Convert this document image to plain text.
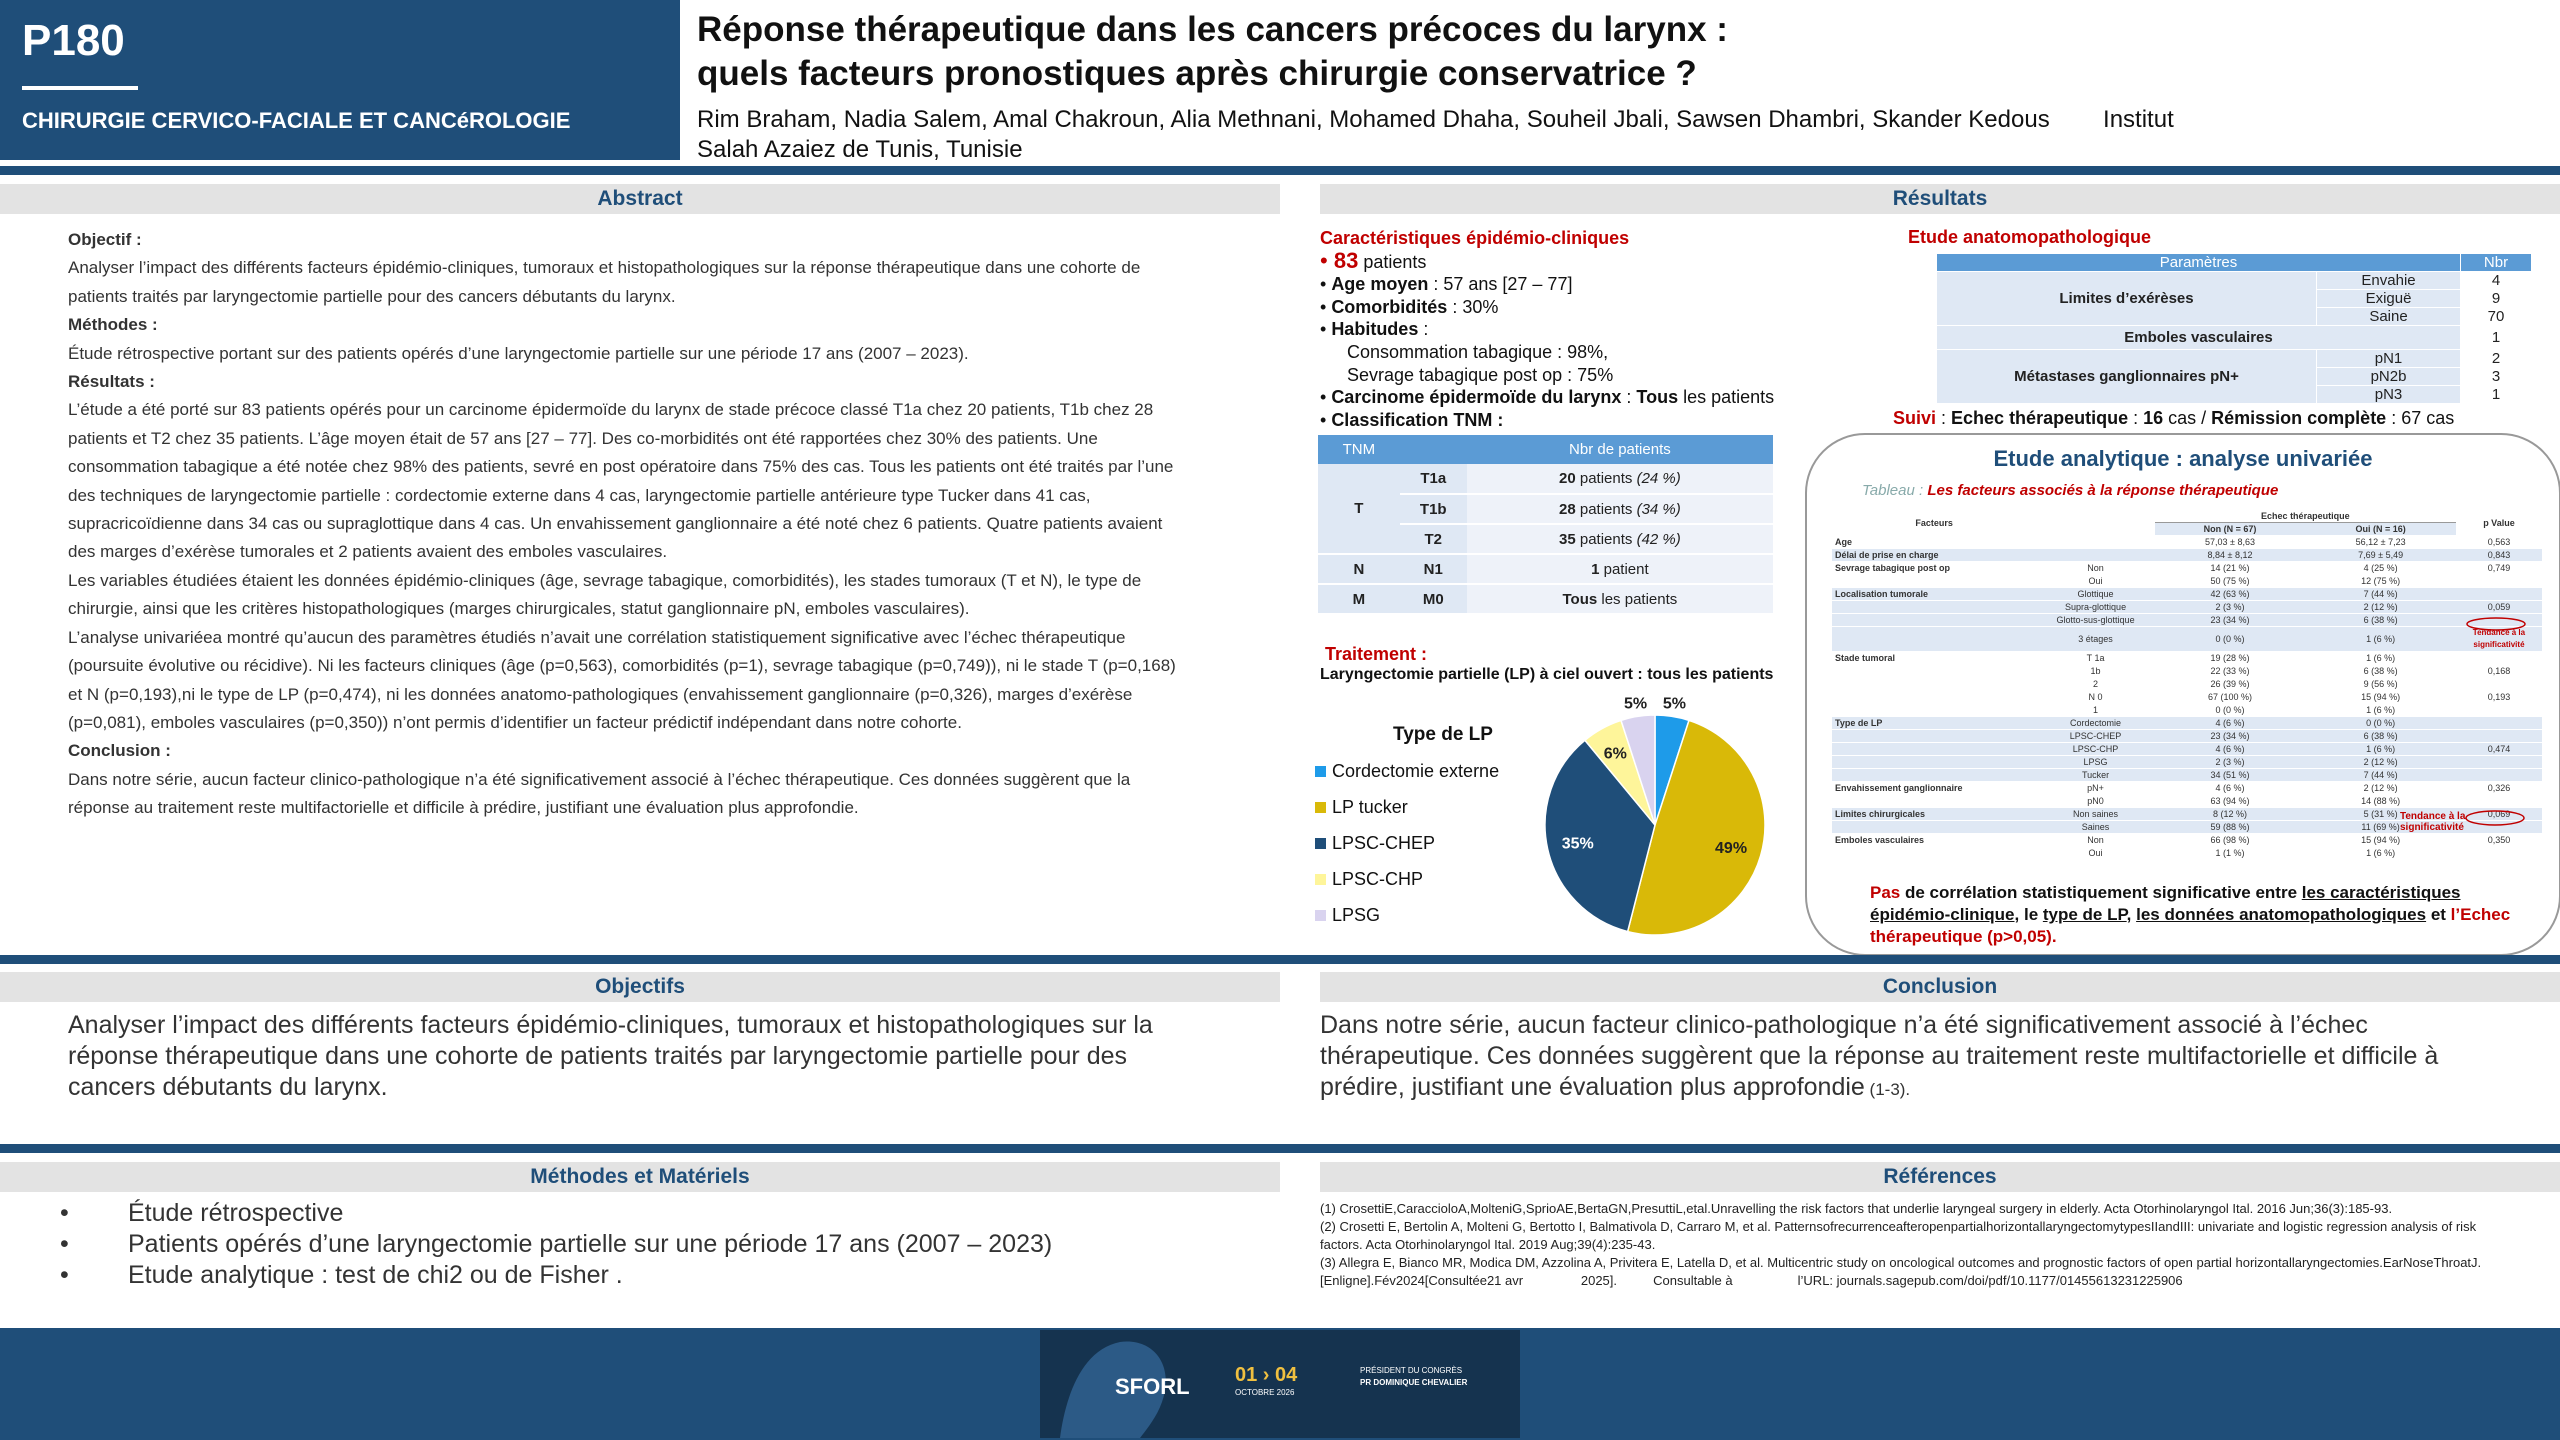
P180
CHIRURGIE CERVICO-FACIALE ET CANCéROLOGIE
Réponse thérapeutique dans les cancers précoces du larynx :
quels facteurs pronostiques après chirurgie conservatrice ?
Rim Braham, Nadia Salem, Amal Chakroun, Alia Methnani, Mohamed Dhaha, Souheil Jbali, Sawsen Dhambri, Skander Kedous        Institut
Salah Azaiez de Tunis, Tunisie
Abstract	Résultats
Objectif :
Analyser l’impact des différents facteurs épidémio-cliniques, tumoraux et histopathologiques sur la réponse thérapeutique dans une cohorte de patients traités par laryngectomie partielle pour des cancers débutants du larynx.
Méthodes :
Étude rétrospective portant sur des patients opérés d’une laryngectomie partielle sur une période 17 ans (2007 – 2023).
Résultats :
L’étude a été porté sur 83 patients opérés pour un carcinome épidermoïde du larynx de stade précoce classé T1a chez 20 patients, T1b chez 28 patients et T2 chez 35 patients. L’âge moyen était de 57 ans [27 – 77]. Des co-morbidités ont été rapportées chez 30% des patients. Une consommation tabagique a été notée chez 98% des patients, sevré en post opératoire dans 75% des cas. Tous les patients ont été traités par l’une des techniques de laryngectomie partielle : cordectomie externe dans 4 cas, laryngectomie partielle antérieure type Tucker dans 41 cas, supracricoïdienne dans 34 cas ou supraglottique dans 4 cas. Un envahissement ganglionnaire a été noté chez 6 patients. Quatre patients avaient des marges d’exérèse tumorales et 2 patients avaient des emboles vasculaires.
Les variables étudiées étaient les données épidémio-cliniques (âge, sevrage tabagique, comorbidités), les stades tumoraux (T et N), le type de chirurgie, ainsi que les critères histopathologiques (marges chirurgicales, statut ganglionnaire pN, emboles vasculaires).
L’analyse univariéea montré qu’aucun des paramètres étudiés n’avait une corrélation statistiquement significative avec l’échec thérapeutique (poursuite évolutive ou récidive). Ni les facteurs cliniques (âge (p=0,563), comorbidités (p=1), sevrage tabagique (p=0,749)), ni le stade T (p=0,168) et N (p=0,193),ni le type de LP (p=0,474), ni les données anatomo-pathologiques (envahissement ganglionnaire (p=0,326), marges d’exérèse (p=0,081), emboles vasculaires (p=0,350)) n’ont permis d’identifier un facteur prédictif indépendant dans notre cohorte.
Conclusion :
Dans notre série, aucun facteur clinico-pathologique n’a été significativement associé à l’échec thérapeutique. Ces données suggèrent que la réponse au traitement reste multifactorielle et difficile à prédire, justifiant une évaluation plus approfondie.
Caractéristiques épidémio-cliniques
• 83 patients
• Age moyen : 57 ans [27 – 77]
• Comorbidités : 30%
• Habitudes :
Consommation tabagique : 98%,
Sevrage tabagique post op : 75%
• Carcinome épidermoïde du larynx : Tous les patients
• Classification TNM :
TNM		Nbr de patients
T	T1a	20 patients (24 %)
	T1b	28 patients (34 %)
	T2	35 patients (42 %)
N	N1	1 patient
M	M0	Tous les patients
Traitement :
Laryngectomie partielle (LP) à ciel ouvert : tous les patients
Type de LP
Cordectomie externe
LP tucker
LPSC-CHEP
LPSC-CHP
LPSG
5%
49%
35%
6%
5%
Etude anatomopathologique
Paramètres		Nbr
Limites d’exérèses	Envahie	4
	Exiguë	9
	Saine	70
Emboles vasculaires		1
Métastases ganglionnaires pN+	pN1	2
	pN2b	3
	pN3	1
Suivi : Echec thérapeutique : 16 cas / Rémission complète : 67 cas
Etude analytique : analyse univariée
Tableau : Les facteurs associés à la réponse thérapeutique
Facteurs		Echec thérapeutique		p Value
		Non (N = 67)	Oui (N = 16)	
Age		57,03 ± 8,63	56,12 ± 7,23	0,563
Délai de prise en charge		8,84 ± 8,12	7,69 ± 5,49	0,843
Sevrage tabagique post op	Non	14 (21 %)	4 (25 %)	0,749
	Oui	50 (75 %)	12 (75 %)	
Localisation tumorale	Glottique	42 (63 %)	7 (44 %)	
	Supra-glottique	2 (3 %)	2 (12 %)	0,059
	Glotto-sus-glottique	23 (34 %)	6 (38 %)	
	3 étages	0 (0 %)	1 (6 %)	Tendance à la significativité
Stade tumoral	T 1a	19 (28 %)	1 (6 %)	
	1b	22 (33 %)	6 (38 %)	0,168
	2	26 (39 %)	9 (56 %)	
	N 0	67 (100 %)	15 (94 %)	0,193
	1	0 (0 %)	1 (6 %)	
Type de LP	Cordectomie	4 (6 %)	0 (0 %)	
	LPSC-CHEP	23 (34 %)	6 (38 %)	
	LPSC-CHP	4 (6 %)	1 (6 %)	0,474
	LPSG	2 (3 %)	2 (12 %)	
	Tucker	34 (51 %)	7 (44 %)	
Envahissement ganglionnaire	pN+	4 (6 %)	2 (12 %)	0,326
	pN0	63 (94 %)	14 (88 %)	
Limites chirurgicales	Non saines	8 (12 %)	5 (31 %)	0,069
	Saines	59 (88 %)	11 (69 %)	
Emboles vasculaires	Non	66 (98 %)	15 (94 %)	0,350
	Oui	1 (1 %)	1 (6 %)	
Tendance à la significativité
Pas de corrélation statistiquement significative entre les caractéristiques épidémio-clinique, le type de LP, les données anatomopathologiques et l’Echec thérapeutique (p>0,05).
Objectifs	Conclusion
Analyser l’impact des différents facteurs épidémio-cliniques, tumoraux et histopathologiques sur la réponse thérapeutique dans une cohorte de patients traités par laryngectomie partielle pour des cancers débutants du larynx.
Dans notre série, aucun facteur clinico-pathologique n’a été significativement associé à l’échec thérapeutique. Ces données suggèrent que la réponse au traitement reste multifactorielle et difficile à prédire, justifiant une évaluation plus approfondie (1-3).
Méthodes et Matériels	Références
• Étude rétrospective
• Patients opérés d’une laryngectomie partielle sur une période 17 ans (2007 – 2023)
• Etude analytique : test de chi2 ou de Fisher .
(1) CrosettiE,CaraccioloA,MolteniG,SprioAE,BertaGN,PresuttiL,etal.Unravelling the risk factors that underlie laryngeal surgery in elderly. Acta Otorhinolaryngol Ital. 2016 Jun;36(3):185-93.
(2) Crosetti E, Bertolin A, Molteni G, Bertotto I, Balmativola D, Carraro M, et al. PatternsofrecurrenceafteropenpartialhorizontallaryngectomytypesIIandIII: univariate and logistic regression analysis of risk factors. Acta Otorhinolaryngol Ital. 2019 Aug;39(4):235-43.
(3) Allegra E, Bianco MR, Modica DM, Azzolina A, Privitera E, Latella D, et al. Multicentric study on oncological outcomes and prognostic factors of open partial horizontallaryngectomies.EarNoseThroatJ.[Enligne].Fév2024[Consultée21 avr                2025].          Consultable à                  l’URL: journals.sagepub.com/doi/pdf/10.1177/01455613231225906
SFORL 01 › 04
OCTOBRE 2026
PRÉSIDENT DU CONGRÈS
PR DOMINIQUE CHEVALIER
